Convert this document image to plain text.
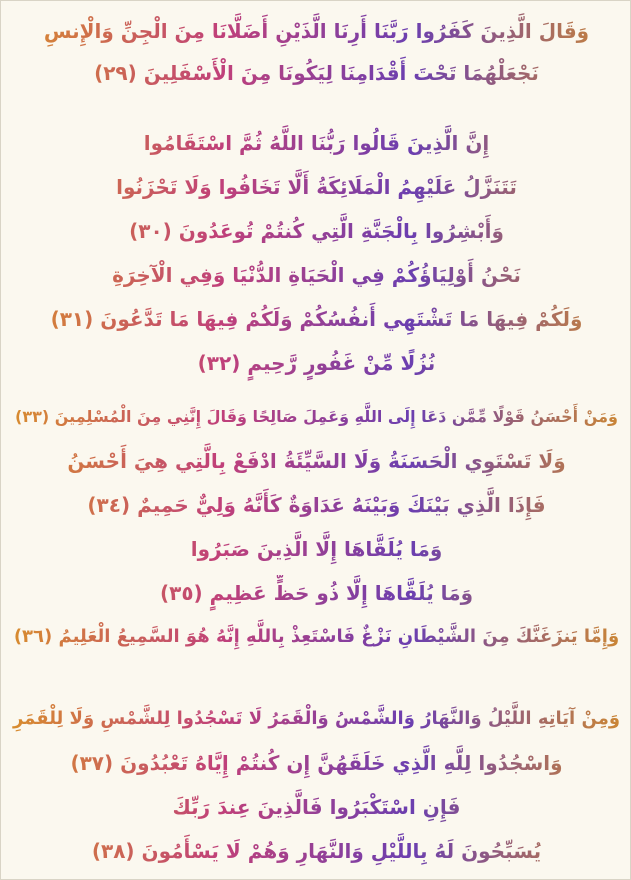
وَقَالَ الَّذِينَ كَفَرُوا رَبَّنَا أَرِنَا الَّذَيْنِ أَضَلَّانَا مِنَ الْجِنِّ وَالْإِنسِ
نَجْعَلْهُمَا تَحْتَ أَقْدَامِنَا لِيَكُونَا مِنَ الْأَسْفَلِينَ (٢٩)
إِنَّ الَّذِينَ قَالُوا رَبُّنَا اللَّهُ ثُمَّ اسْتَقَامُوا
تَتَنَزَّلُ عَلَيْهِمُ الْمَلَائِكَةُ أَلَّا تَخَافُوا وَلَا تَحْزَنُوا
وَأَبْشِرُوا بِالْجَنَّةِ الَّتِي كُنتُمْ تُوعَدُونَ (٣٠)
نَحْنُ أَوْلِيَاؤُكُمْ فِي الْحَيَاةِ الدُّنْيَا وَفِي الْآخِرَةِ
وَلَكُمْ فِيهَا مَا تَشْتَهِي أَنفُسُكُمْ وَلَكُمْ فِيهَا مَا تَدَّعُونَ (٣١)
نُزُلًا مِّنْ غَفُورٍ رَّحِيمٍ (٣٢)
وَمَنْ أَحْسَنُ قَوْلًا مِّمَّن دَعَا إِلَى اللَّهِ وَعَمِلَ صَالِحًا وَقَالَ إِنَّنِي مِنَ الْمُسْلِمِينَ (٣٣)
وَلَا تَسْتَوِي الْحَسَنَةُ وَلَا السَّيِّئَةُ ادْفَعْ بِالَّتِي هِيَ أَحْسَنُ
فَإِذَا الَّذِي بَيْنَكَ وَبَيْنَهُ عَدَاوَةٌ كَأَنَّهُ وَلِيٌّ حَمِيمٌ (٣٤)
وَمَا يُلَقَّاهَا إِلَّا الَّذِينَ صَبَرُوا
وَمَا يُلَقَّاهَا إِلَّا ذُو حَظٍّ عَظِيمٍ (٣٥)
وَإِمَّا يَنزَغَنَّكَ مِنَ الشَّيْطَانِ نَزْغٌ فَاسْتَعِذْ بِاللَّهِ إِنَّهُ هُوَ السَّمِيعُ الْعَلِيمُ (٣٦)
وَمِنْ آيَاتِهِ اللَّيْلُ وَالنَّهَارُ وَالشَّمْسُ وَالْقَمَرُ لَا تَسْجُدُوا لِلشَّمْسِ وَلَا لِلْقَمَرِ
وَاسْجُدُوا لِلَّهِ الَّذِي خَلَقَهُنَّ إِن كُنتُمْ إِيَّاهُ تَعْبُدُونَ (٣٧)
فَإِنِ اسْتَكْبَرُوا فَالَّذِينَ عِندَ رَبِّكَ
يُسَبِّحُونَ لَهُ بِاللَّيْلِ وَالنَّهَارِ وَهُمْ لَا يَسْأَمُونَ (٣٨)
